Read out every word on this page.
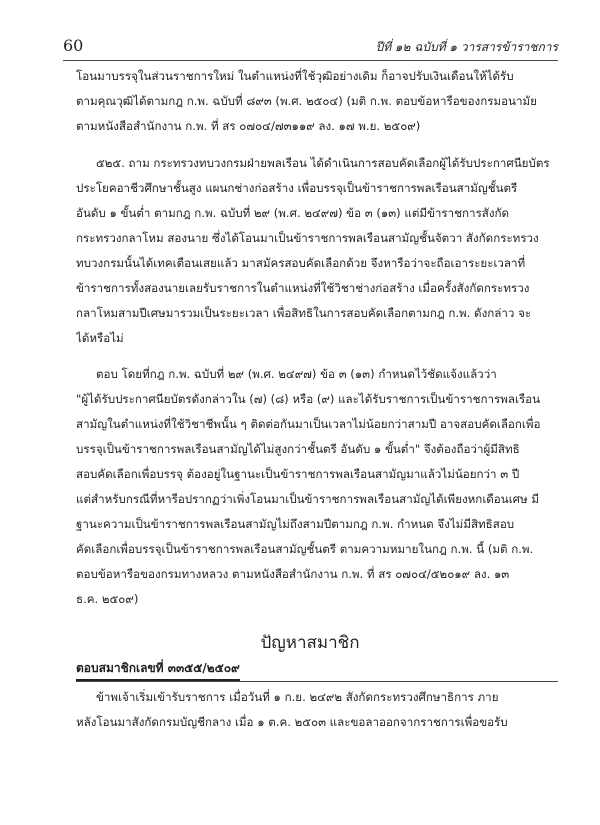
60	ปีที่ ๑๒ ฉบับที่ ๑ วารสารข้าราชการ
โอนมาบรรจุในส่วนราชการใหม่ ในตำแหน่งที่ใช้วุฒิอย่างเดิม ก็อาจปรับเงินเดือนให้ได้รับ
ตามคุณวุฒิได้ตามกฎ ก.พ. ฉบับที่ ๘๙๓ (พ.ศ. ๒๕๐๔) (มติ ก.พ. ตอบข้อหารือของกรมอนามัย
ตามหนังสือสำนักงาน ก.พ. ที่ สร ๐๗๐๔/๗๓๑๑๙ ลง. ๑๗ พ.ย. ๒๕๐๙)
๕๒๕. ถาม กระทรวงทบวงกรมฝ่ายพลเรือน ได้ดำเนินการสอบคัดเลือกผู้ได้รับประกาศนียบัตร
ประโยคอาชีวศึกษาชั้นสูง แผนกช่างก่อสร้าง เพื่อบรรจุเป็นข้าราชการพลเรือนสามัญชั้นตรี
อันดับ ๑ ขั้นต่ำ ตามกฎ ก.พ. ฉบับที่ ๒๙ (พ.ศ. ๒๔๙๗) ข้อ ๓ (๑๓) แต่มีข้าราชการสังกัด
กระทรวงกลาโหม สองนาย ซึ่งได้โอนมาเป็นข้าราชการพลเรือนสามัญชั้นจัตวา สังกัดกระทรวง
ทบวงกรมนั้นได้เทคเตือนเสยแล้ว มาสมัครสอบคัดเลือกด้วย จึงหารือว่าจะถือเอาระยะเวลาที่
ข้าราชการทั้งสองนายเลยรับราชการในตำแหน่งที่ใช้วิชาช่างก่อสร้าง เมื่อครั้งสังกัดกระทรวง
กลาโหมสามปีเศษมารวมเป็นระยะเวลา เพื่อสิทธิในการสอบคัดเลือกตามกฎ ก.พ. ดังกล่าว จะ
ได้หรือไม่
ตอบ โดยที่กฎ ก.พ. ฉบับที่ ๒๙ (พ.ศ. ๒๔๙๗) ข้อ ๓ (๑๓) กำหนดไว้ชัดแจ้งแล้วว่า
"ผู้ได้รับประกาศนียบัตรดังกล่าวใน (๗) (๘) หรือ (๙) และได้รับราชการเป็นข้าราชการพลเรือน
สามัญในตำแหน่งที่ใช้วิชาชีพนั้น ๆ ติดต่อกันมาเป็นเวลาไม่น้อยกว่าสามปี อาจสอบคัดเลือกเพื่อ
บรรจุเป็นข้าราชการพลเรือนสามัญได้ไม่สูงกว่าชั้นตรี อันดับ ๑ ขั้นต่ำ" จึงต้องถือว่าผู้มีสิทธิ
สอบคัดเลือกเพื่อบรรจุ ต้องอยู่ในฐานะเป็นข้าราชการพลเรือนสามัญมาแล้วไม่น้อยกว่า ๓ ปี
แต่สำหรับกรณีที่หารือปรากฏว่าเพิ่งโอนมาเป็นข้าราชการพลเรือนสามัญได้เพียงหกเดือนเศษ มี
ฐานะความเป็นข้าราชการพลเรือนสามัญไม่ถึงสามปีตามกฎ ก.พ. กำหนด จึงไม่มีสิทธิสอบ
คัดเลือกเพื่อบรรจุเป็นข้าราชการพลเรือนสามัญชั้นตรี ตามความหมายในกฎ ก.พ. นี้ (มติ ก.พ.
ตอบข้อหารือของกรมทางหลวง ตามหนังสือสำนักงาน ก.พ. ที่ สร ๐๗๐๔/๕๒๐๑๙ ลง. ๑๓
ธ.ค. ๒๕๐๙)
ปัญหาสมาชิก
ตอบสมาชิกเลขที่ ๓๓๕๕/๒๕๐๙
ข้าพเจ้าเริ่มเข้ารับราชการ เมื่อวันที่ ๑ ก.ย. ๒๔๙๒ สังกัดกระทรวงศึกษาธิการ ภาย
หลังโอนมาสังกัดกรมบัญชีกลาง เมื่อ ๑ ต.ค. ๒๕๐๓ และขอลาออกจากราชการเพื่อขอรับ
